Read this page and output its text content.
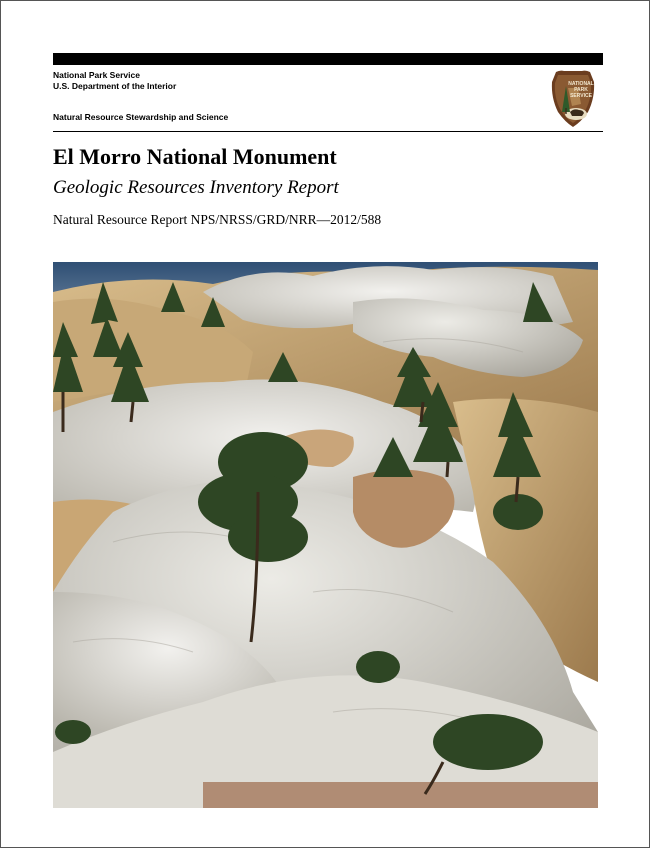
National Park Service
U.S. Department of the Interior
Natural Resource Stewardship and Science
NATIONAL
PARK
SERVICE
El Morro National Monument
Geologic Resources Inventory Report
Natural Resource Report NPS/NRSS/GRD/NRR—2012/588
